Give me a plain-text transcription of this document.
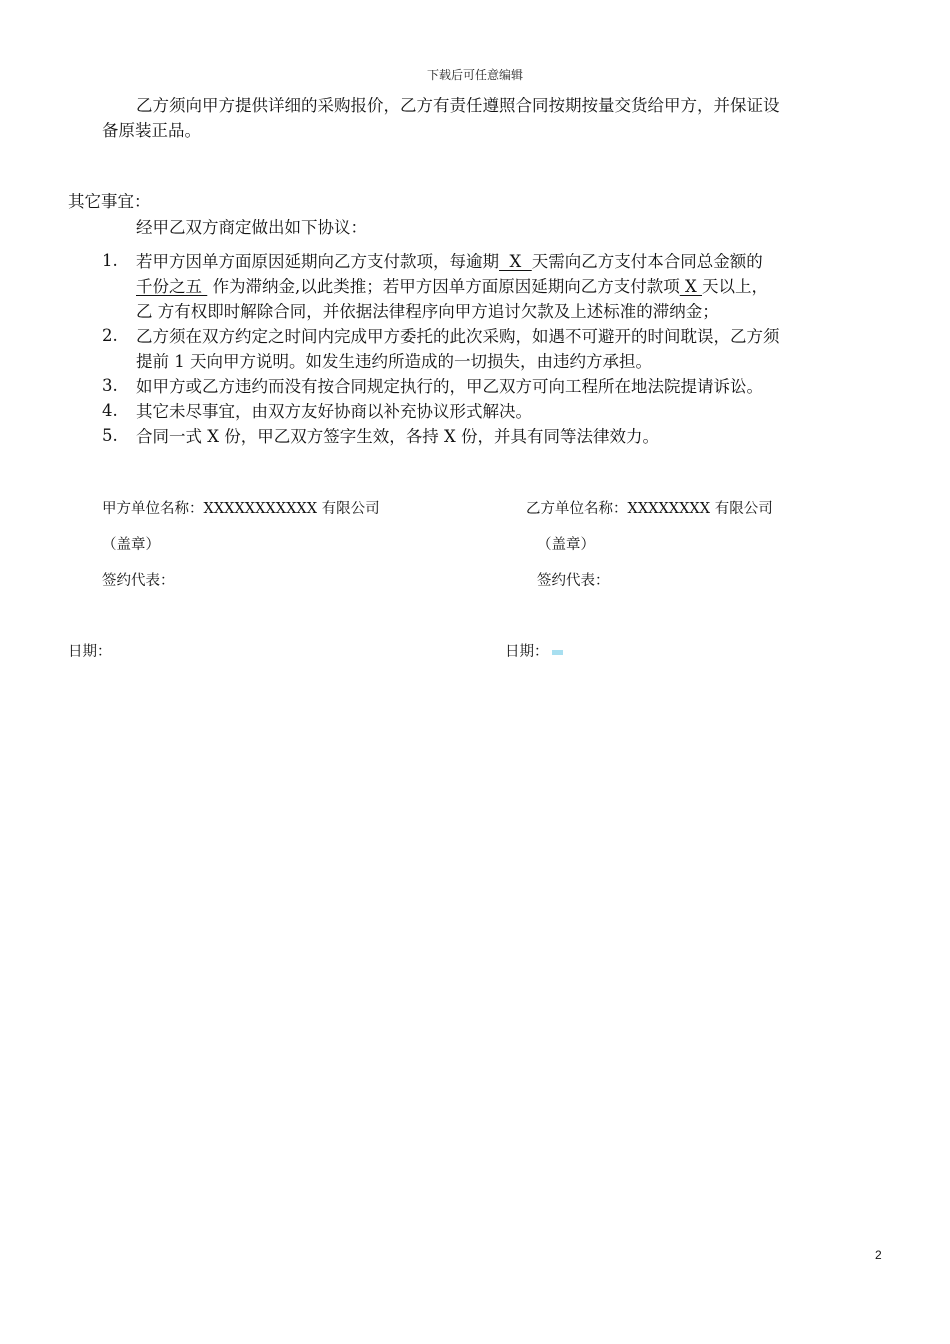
下载后可任意编辑
乙方须向甲方提供详细的采购报价，乙方有责任遵照合同按期按量交货给甲方，并保证设
备原装正品。
其它事宜：
经甲乙双方商定做出如下协议：
1. 若甲方因单方面原因延期向乙方支付款项，每逾期  X  天需向乙方支付本合同总金额的
千份之五  作为滞纳金,以此类推；若甲方因单方面原因延期向乙方支付款项 X 天以上，
乙 方有权即时解除合同，并依据法律程序向甲方追讨欠款及上述标准的滞纳金；
2. 乙方须在双方约定之时间内完成甲方委托的此次采购，如遇不可避开的时间耽误，乙方须
提前 1 天向甲方说明。如发生违约所造成的一切损失，由违约方承担。
3. 如甲方或乙方违约而没有按合同规定执行的，甲乙双方可向工程所在地法院提请诉讼。
4. 其它未尽事宜，由双方友好协商以补充协议形式解决。
5. 合同一式 X 份，甲乙双方签字生效，各持 X 份，并具有同等法律效力。
甲方单位名称：XXXXXXXXXXX 有限公司
（盖章）
签约代表：
日期：
乙方单位名称：XXXXXXXX 有限公司
（盖章）
签约代表：
日期：
2
